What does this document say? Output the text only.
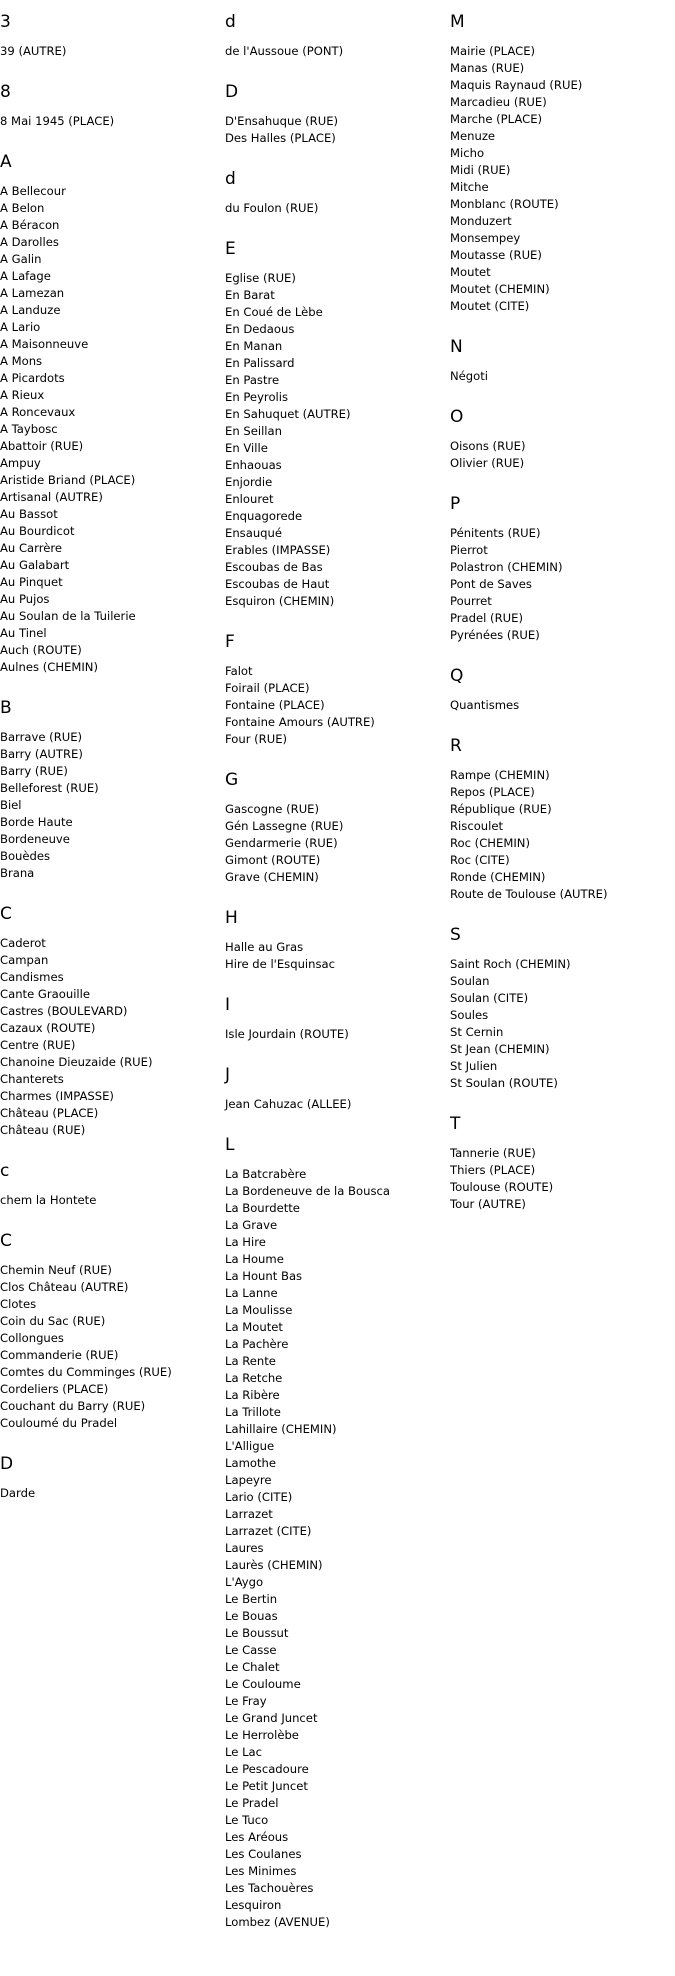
3
39 (AUTRE)
8
8 Mai 1945 (PLACE)
A
A Bellecour
A Belon
A Béracon
A Darolles
A Galin
A Lafage
A Lamezan
A Landuze
A Lario
A Maisonneuve
A Mons
A Picardots
A Rieux
A Roncevaux
A Taybosc
Abattoir (RUE)
Ampuy
Aristide Briand (PLACE)
Artisanal (AUTRE)
Au Bassot
Au Bourdicot
Au Carrère
Au Galabart
Au Pinquet
Au Pujos
Au Soulan de la Tuilerie
Au Tinel
Auch (ROUTE)
Aulnes (CHEMIN)
B
Barrave (RUE)
Barry (AUTRE)
Barry (RUE)
Belleforest (RUE)
Biel
Borde Haute
Bordeneuve
Bouèdes
Brana
C
Caderot
Campan
Candismes
Cante Graouille
Castres (BOULEVARD)
Cazaux (ROUTE)
Centre (RUE)
Chanoine Dieuzaide (RUE)
Chanterets
Charmes (IMPASSE)
Château (PLACE)
Château (RUE)
c
chem la Hontete
C
Chemin Neuf (RUE)
Clos Château (AUTRE)
Clotes
Coin du Sac (RUE)
Collongues
Commanderie (RUE)
Comtes du Comminges (RUE)
Cordeliers (PLACE)
Couchant du Barry (RUE)
Couloumé du Pradel
D
Darde
d
de l'Aussoue (PONT)
D
D'Ensahuque (RUE)
Des Halles (PLACE)
d
du Foulon (RUE)
E
Eglise (RUE)
En Barat
En Coué de Lèbe
En Dedaous
En Manan
En Palissard
En Pastre
En Peyrolis
En Sahuquet (AUTRE)
En Seillan
En Ville
Enhaouas
Enjordie
Enlouret
Enquagorede
Ensauqué
Erables (IMPASSE)
Escoubas de Bas
Escoubas de Haut
Esquiron (CHEMIN)
F
Falot
Foirail (PLACE)
Fontaine (PLACE)
Fontaine Amours (AUTRE)
Four (RUE)
G
Gascogne (RUE)
Gén Lassegne (RUE)
Gendarmerie (RUE)
Gimont (ROUTE)
Grave (CHEMIN)
H
Halle au Gras
Hire de l'Esquinsac
I
Isle Jourdain (ROUTE)
J
Jean Cahuzac (ALLEE)
L
La Batcrabère
La Bordeneuve de la Bousca
La Bourdette
La Grave
La Hire
La Houme
La Hount Bas
La Lanne
La Moulisse
La Moutet
La Pachère
La Rente
La Retche
La Ribère
La Trillote
Lahillaire (CHEMIN)
L'Alligue
Lamothe
Lapeyre
Lario (CITE)
Larrazet
Larrazet (CITE)
Laures
Laurès (CHEMIN)
L'Aygo
Le Bertin
Le Bouas
Le Boussut
Le Casse
Le Chalet
Le Couloume
Le Fray
Le Grand Juncet
Le Herrolèbe
Le Lac
Le Pescadoure
Le Petit Juncet
Le Pradel
Le Tuco
Les Aréous
Les Coulanes
Les Minimes
Les Tachouères
Lesquiron
Lombez (AVENUE)
M
Mairie (PLACE)
Manas (RUE)
Maquis Raynaud (RUE)
Marcadieu (RUE)
Marche (PLACE)
Menuze
Micho
Midi (RUE)
Mitche
Monblanc (ROUTE)
Monduzert
Monsempey
Moutasse (RUE)
Moutet
Moutet (CHEMIN)
Moutet (CITE)
N
Négoti
O
Oisons (RUE)
Olivier (RUE)
P
Pénitents (RUE)
Pierrot
Polastron (CHEMIN)
Pont de Saves
Pourret
Pradel (RUE)
Pyrénées (RUE)
Q
Quantismes
R
Rampe (CHEMIN)
Repos (PLACE)
République (RUE)
Riscoulet
Roc (CHEMIN)
Roc (CITE)
Ronde (CHEMIN)
Route de Toulouse (AUTRE)
S
Saint Roch (CHEMIN)
Soulan
Soulan (CITE)
Soules
St Cernin
St Jean (CHEMIN)
St Julien
St Soulan (ROUTE)
T
Tannerie (RUE)
Thiers (PLACE)
Toulouse (ROUTE)
Tour (AUTRE)
